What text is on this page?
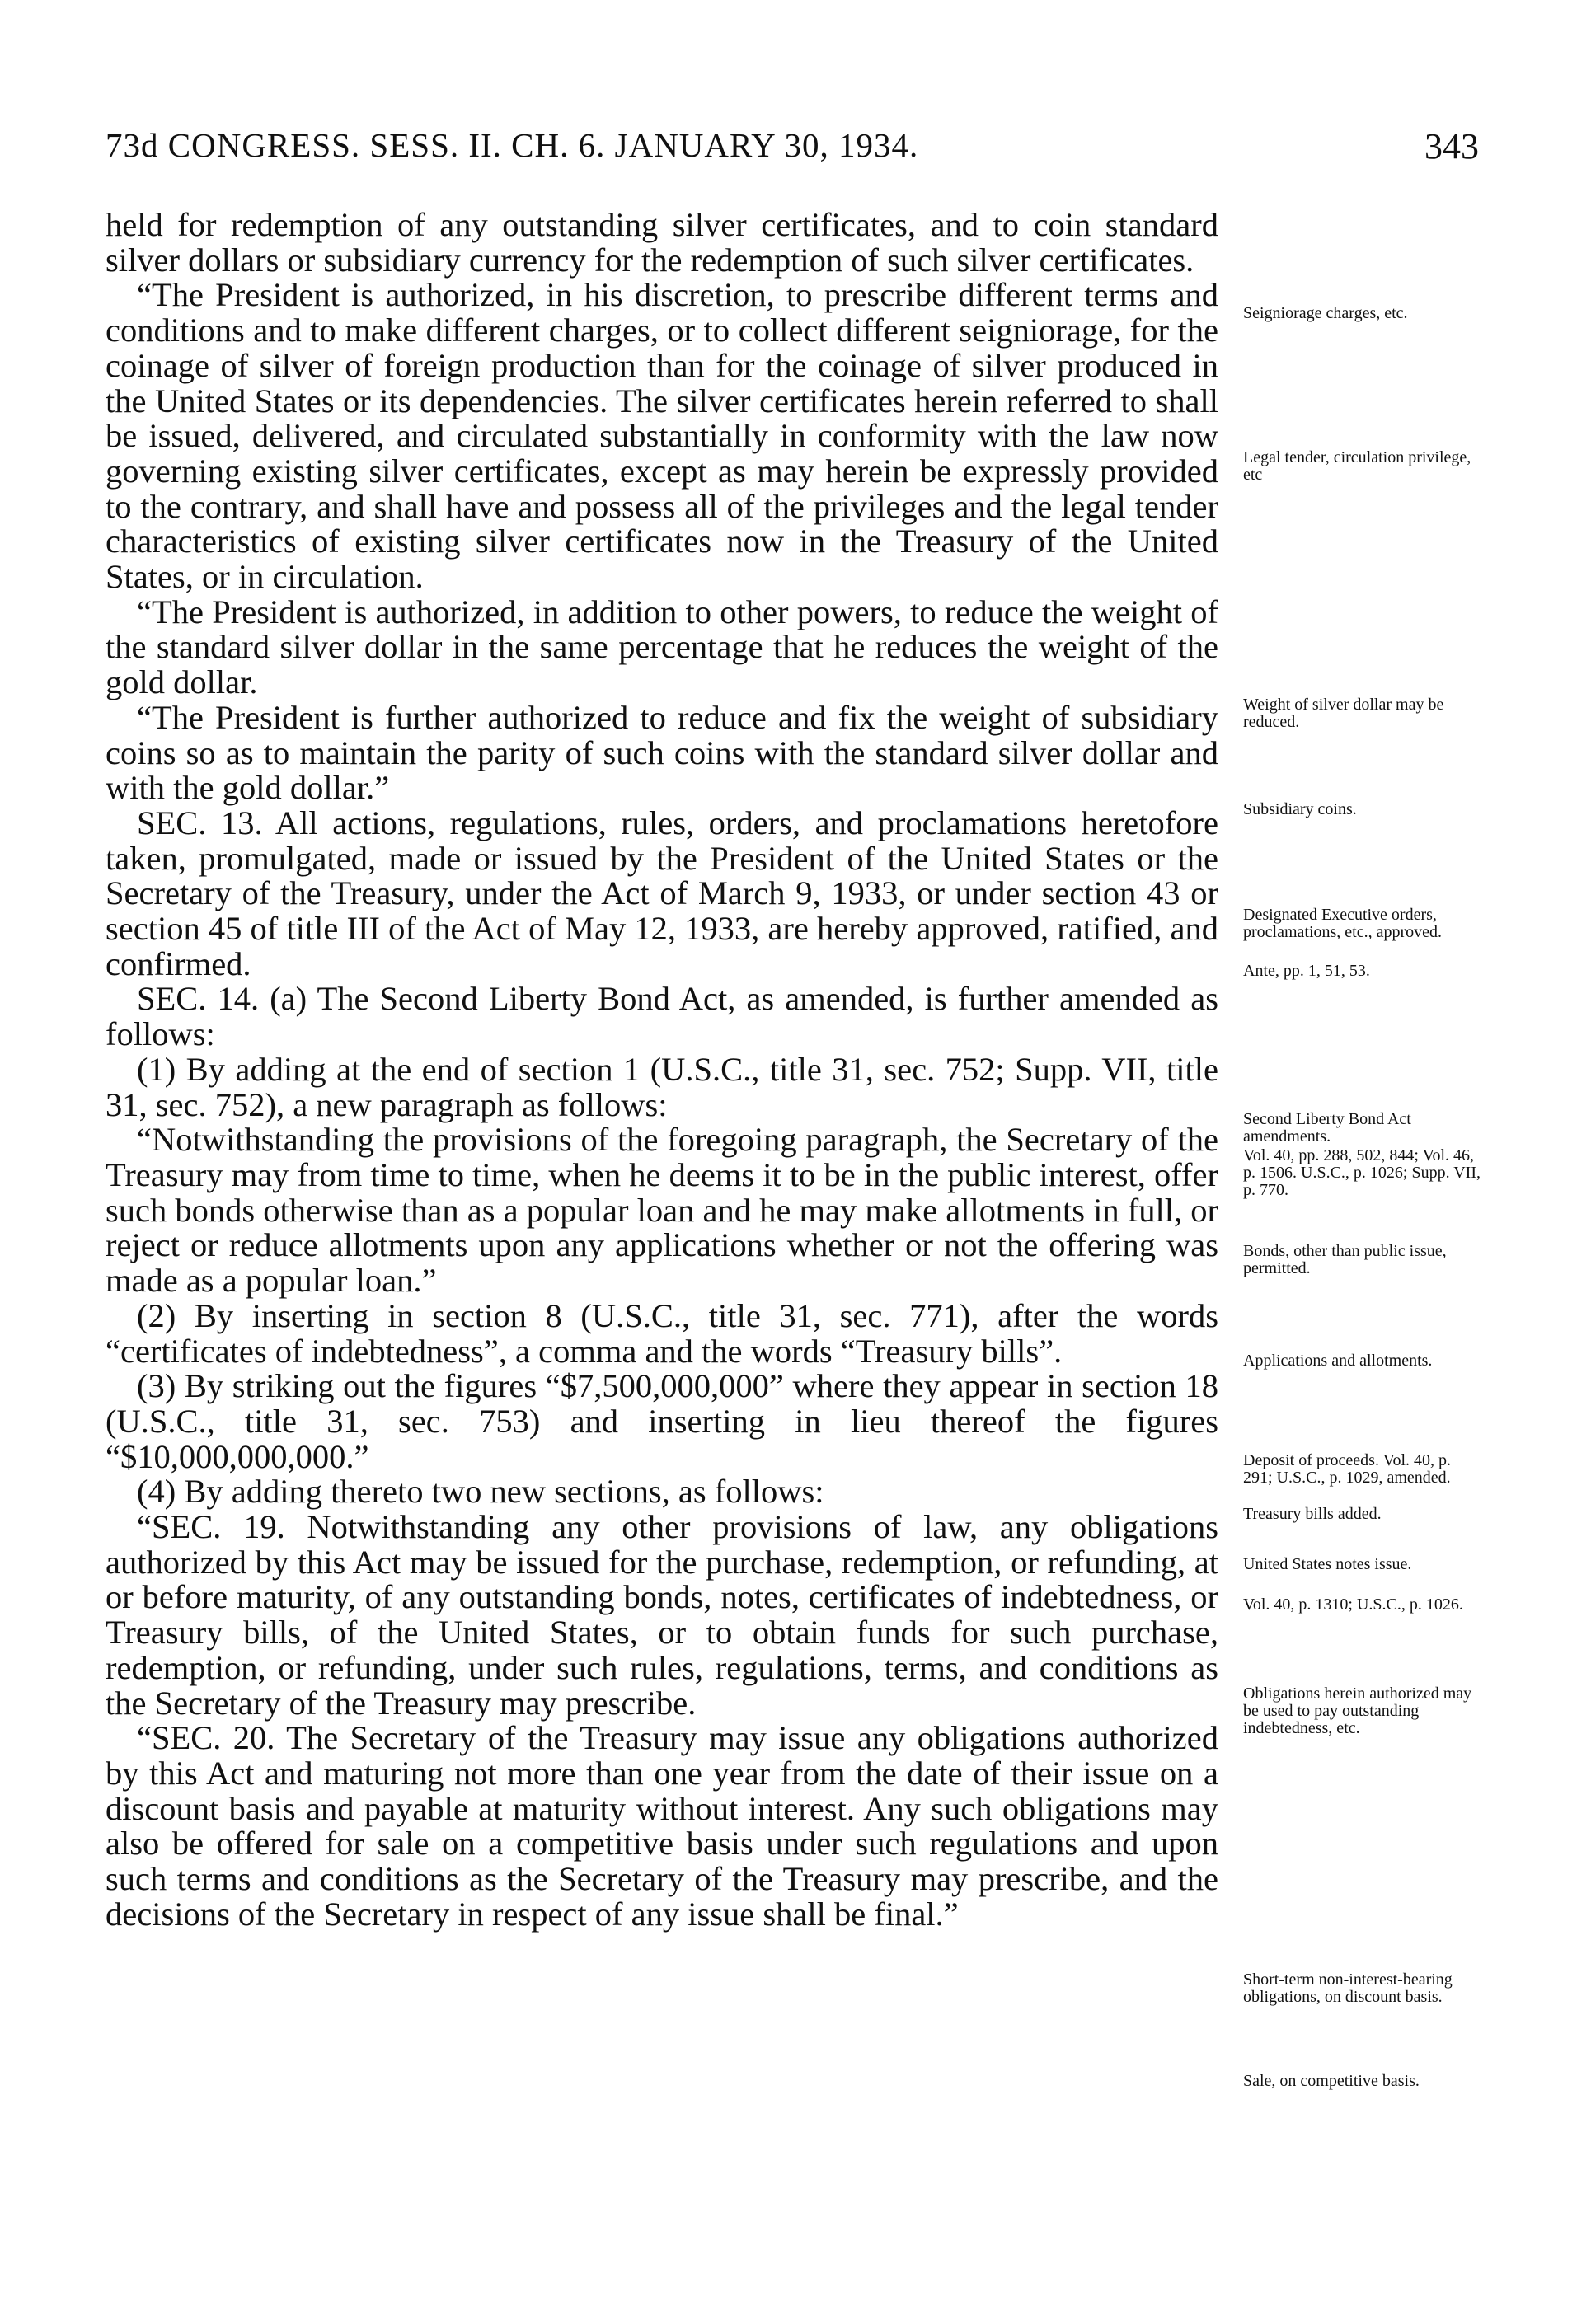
73d CONGRESS. SESS. II. CH. 6. JANUARY 30, 1934.	343

held for redemption of any outstanding silver certificates, and to coin standard silver dollars or subsidiary currency for the redemption of such silver certificates.

“The President is authorized, in his discretion, to prescribe different terms and conditions and to make different charges, or to collect different seigniorage, for the coinage of silver of foreign production than for the coinage of silver produced in the United States or its dependencies. The silver certificates herein referred to shall be issued, delivered, and circulated substantially in conformity with the law now governing existing silver certificates, except as may herein be expressly provided to the contrary, and shall have and possess all of the privileges and the legal tender characteristics of existing silver certificates now in the Treasury of the United States, or in circulation.

“The President is authorized, in addition to other powers, to reduce the weight of the standard silver dollar in the same percentage that he reduces the weight of the gold dollar.

“The President is further authorized to reduce and fix the weight of subsidiary coins so as to maintain the parity of such coins with the standard silver dollar and with the gold dollar.”

SEC. 13. All actions, regulations, rules, orders, and proclamations heretofore taken, promulgated, made or issued by the President of the United States or the Secretary of the Treasury, under the Act of March 9, 1933, or under section 43 or section 45 of title III of the Act of May 12, 1933, are hereby approved, ratified, and confirmed.

SEC. 14. (a) The Second Liberty Bond Act, as amended, is further amended as follows:

(1) By adding at the end of section 1 (U.S.C., title 31, sec. 752; Supp. VII, title 31, sec. 752), a new paragraph as follows:

“Notwithstanding the provisions of the foregoing paragraph, the Secretary of the Treasury may from time to time, when he deems it to be in the public interest, offer such bonds otherwise than as a popular loan and he may make allotments in full, or reject or reduce allotments upon any applications whether or not the offering was made as a popular loan.”

(2) By inserting in section 8 (U.S.C., title 31, sec. 771), after the words “certificates of indebtedness”, a comma and the words “Treasury bills”.

(3) By striking out the figures “$7,500,000,000” where they appear in section 18 (U.S.C., title 31, sec. 753) and inserting in lieu thereof the figures “$10,000,000,000.”

(4) By adding thereto two new sections, as follows:

“SEC. 19. Notwithstanding any other provisions of law, any obligations authorized by this Act may be issued for the purchase, redemption, or refunding, at or before maturity, of any outstanding bonds, notes, certificates of indebtedness, or Treasury bills, of the United States, or to obtain funds for such purchase, redemption, or refunding, under such rules, regulations, terms, and conditions as the Secretary of the Treasury may prescribe.

“SEC. 20. The Secretary of the Treasury may issue any obligations authorized by this Act and maturing not more than one year from the date of their issue on a discount basis and payable at maturity without interest. Any such obligations may also be offered for sale on a competitive basis under such regulations and upon such terms and conditions as the Secretary of the Treasury may prescribe, and the decisions of the Secretary in respect of any issue shall be final.”

Seigniorage charges, etc.
Legal tender, circulation privilege, etc
Weight of silver dollar may be reduced.
Subsidiary coins.
Designated Executive orders, proclamations, etc., approved.
Ante, pp. 1, 51, 53.
Second Liberty Bond Act amendments.
Vol. 40, pp. 288, 502, 844; Vol. 46, p. 1506. U.S.C., p. 1026; Supp. VII, p. 770.
Bonds, other than public issue, permitted.
Applications and allotments.
Deposit of proceeds. Vol. 40, p. 291; U.S.C., p. 1029, amended.
Treasury bills added.
United States notes issue.
Vol. 40, p. 1310; U.S.C., p. 1026.
Obligations herein authorized may be used to pay outstanding indebtedness, etc.
Short-term non-interest-bearing obligations, on discount basis.
Sale, on competitive basis.
